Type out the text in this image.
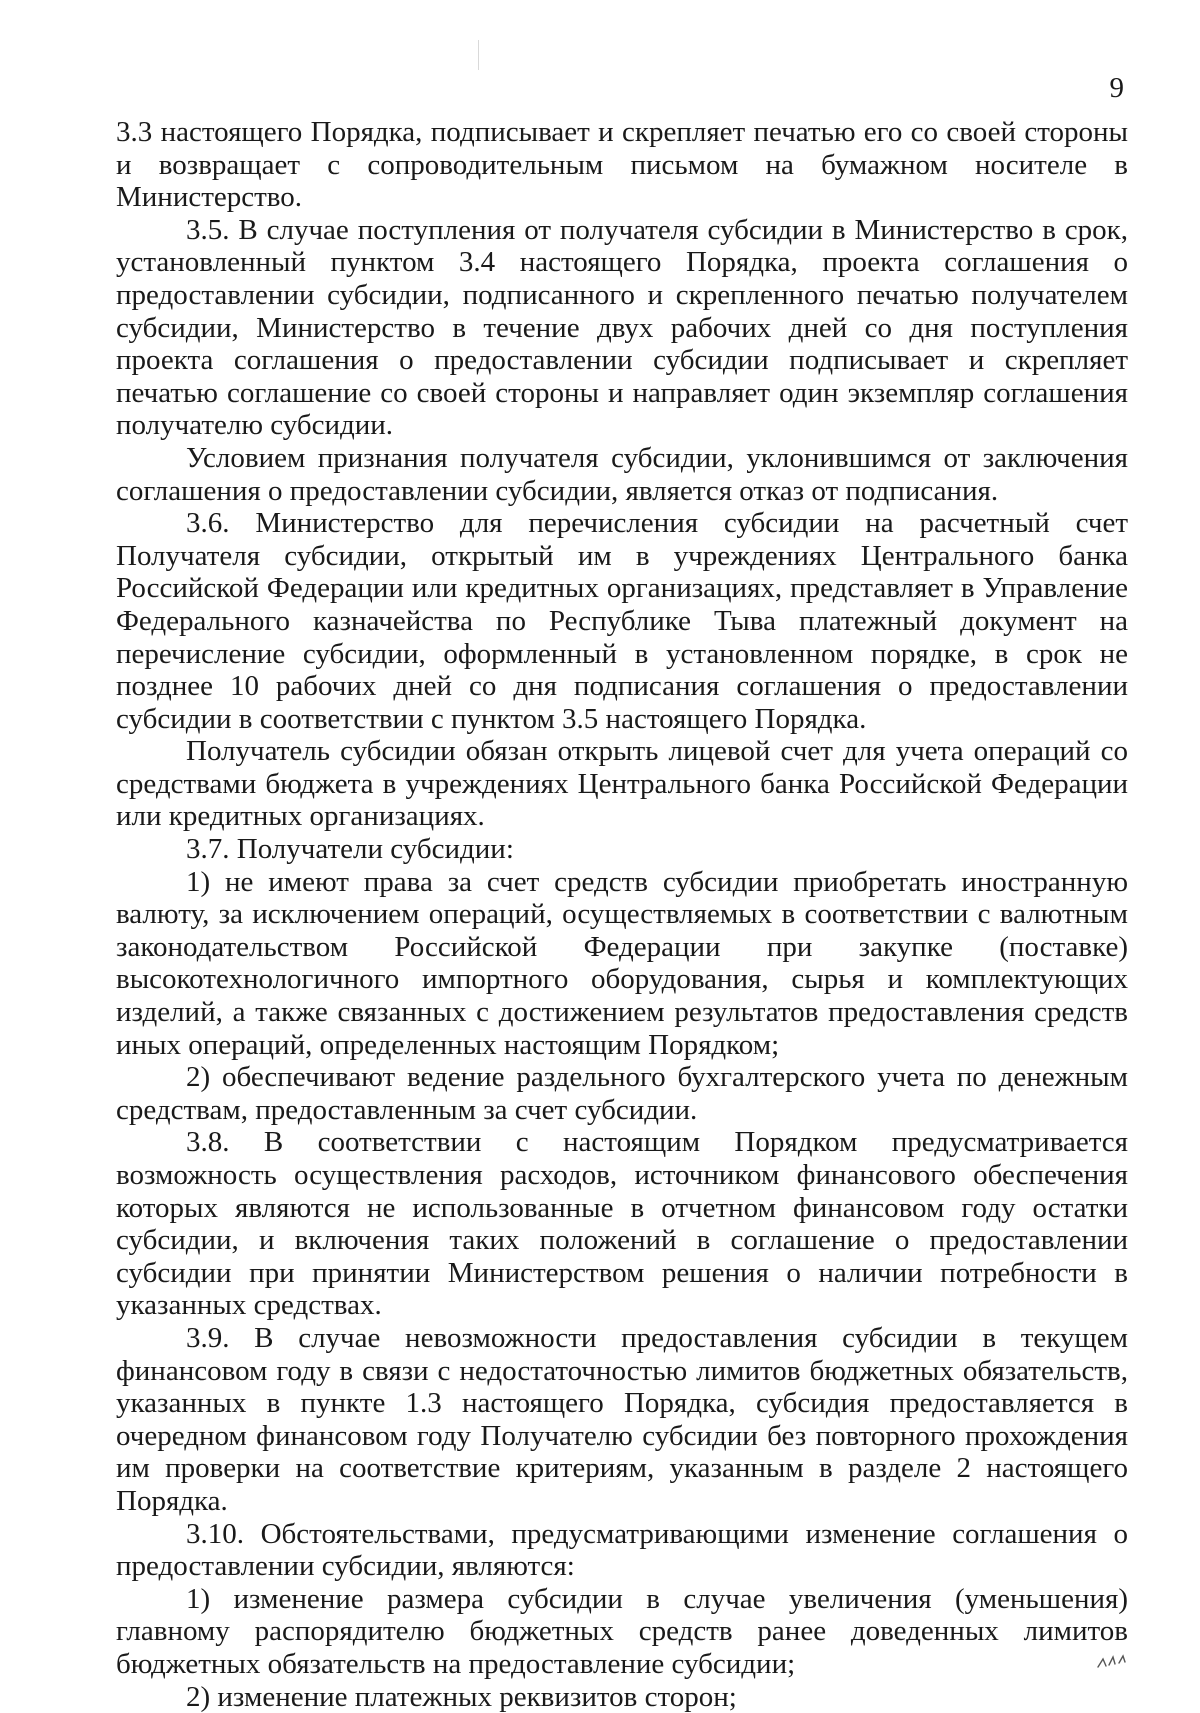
9

3.3 настоящего Порядка, подписывает и скрепляет печатью его со своей стороны и возвращает с сопроводительным письмом на бумажном носителе в Министерство.

3.5. В случае поступления от получателя субсидии в Министерство в срок, установленный пунктом 3.4 настоящего Порядка, проекта соглашения о предоставлении субсидии, подписанного и скрепленного печатью получателем субсидии, Министерство в течение двух рабочих дней со дня поступления проекта соглашения о предоставлении субсидии подписывает и скрепляет печатью соглашение со своей стороны и направляет один экземпляр соглашения получателю субсидии.

Условием признания получателя субсидии, уклонившимся от заключения соглашения о предоставлении субсидии, является отказ от подписания.

3.6. Министерство для перечисления субсидии на расчетный счет Получателя субсидии, открытый им в учреждениях Центрального банка Российской Федерации или кредитных организациях, представляет в Управление Федерального казначейства по Республике Тыва платежный документ на перечисление субсидии, оформленный в установленном порядке, в срок не позднее 10 рабочих дней со дня подписания соглашения о предоставлении субсидии в соответствии с пунктом 3.5 настоящего Порядка.

Получатель субсидии обязан открыть лицевой счет для учета операций со средствами бюджета в учреждениях Центрального банка Российской Федерации или кредитных организациях.

3.7. Получатели субсидии:

1) не имеют права за счет средств субсидии приобретать иностранную валюту, за исключением операций, осуществляемых в соответствии с валютным законодательством Российской Федерации при закупке (поставке) высокотехнологичного импортного оборудования, сырья и комплектующих изделий, а также связанных с достижением результатов предоставления средств иных операций, определенных настоящим Порядком;

2) обеспечивают ведение раздельного бухгалтерского учета по денежным средствам, предоставленным за счет субсидии.

3.8. В соответствии с настоящим Порядком предусматривается возможность осуществления расходов, источником финансового обеспечения которых являются не использованные в отчетном финансовом году остатки субсидии, и включения таких положений в соглашение о предоставлении субсидии при принятии Министерством решения о наличии потребности в указанных средствах.

3.9. В случае невозможности предоставления субсидии в текущем финансовом году в связи с недостаточностью лимитов бюджетных обязательств, указанных в пункте 1.3 настоящего Порядка, субсидия предоставляется в очередном финансовом году Получателю субсидии без повторного прохождения им проверки на соответствие критериям, указанным в разделе 2 настоящего Порядка.

3.10. Обстоятельствами, предусматривающими изменение соглашения о предоставлении субсидии, являются:

1) изменение размера субсидии в случае увеличения (уменьшения) главному распорядителю бюджетных средств ранее доведенных лимитов бюджетных обязательств на предоставление субсидии;

2) изменение платежных реквизитов сторон;
